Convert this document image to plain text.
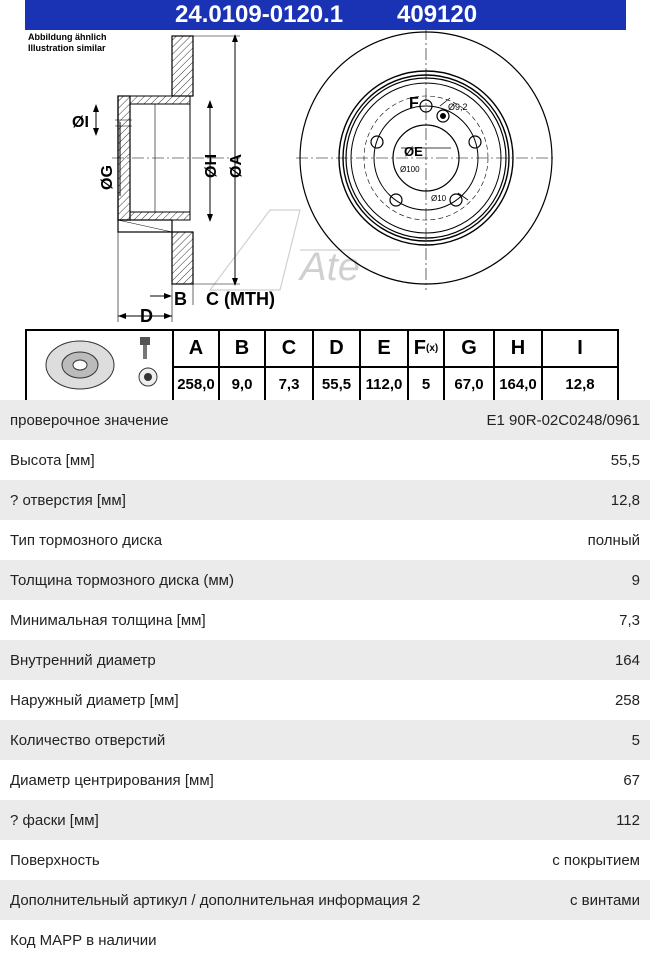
24.0109-0120.1 409120
Abbildung ähnlich
Illustration similar
Ate
ØI
ØG	ØH ØA
B C (MTH)
D
F	Ø9,2
ØE
Ø100
Ø10
	A	B	C	D	E	F(x)	G	H	I
	258,0	9,0	7,3	55,5	112,0	5	67,0	164,0	12,8
проверочное значение	E1 90R-02C0248/0961
Высота [мм]	55,5
? отверстия [мм]	12,8
Тип тормозного диска	полный
Толщина тормозного диска (мм)	9
Минимальная толщина [мм]	7,3
Внутренний диаметр	164
Наружный диаметр [мм]	258
Количество отверстий	5
Диаметр центрирования [мм]	67
? фаски [мм]	112
Поверхность	с покрытием
Дополнительный артикул / дополнительная информация 2	с винтами
Код MAPP в наличии
